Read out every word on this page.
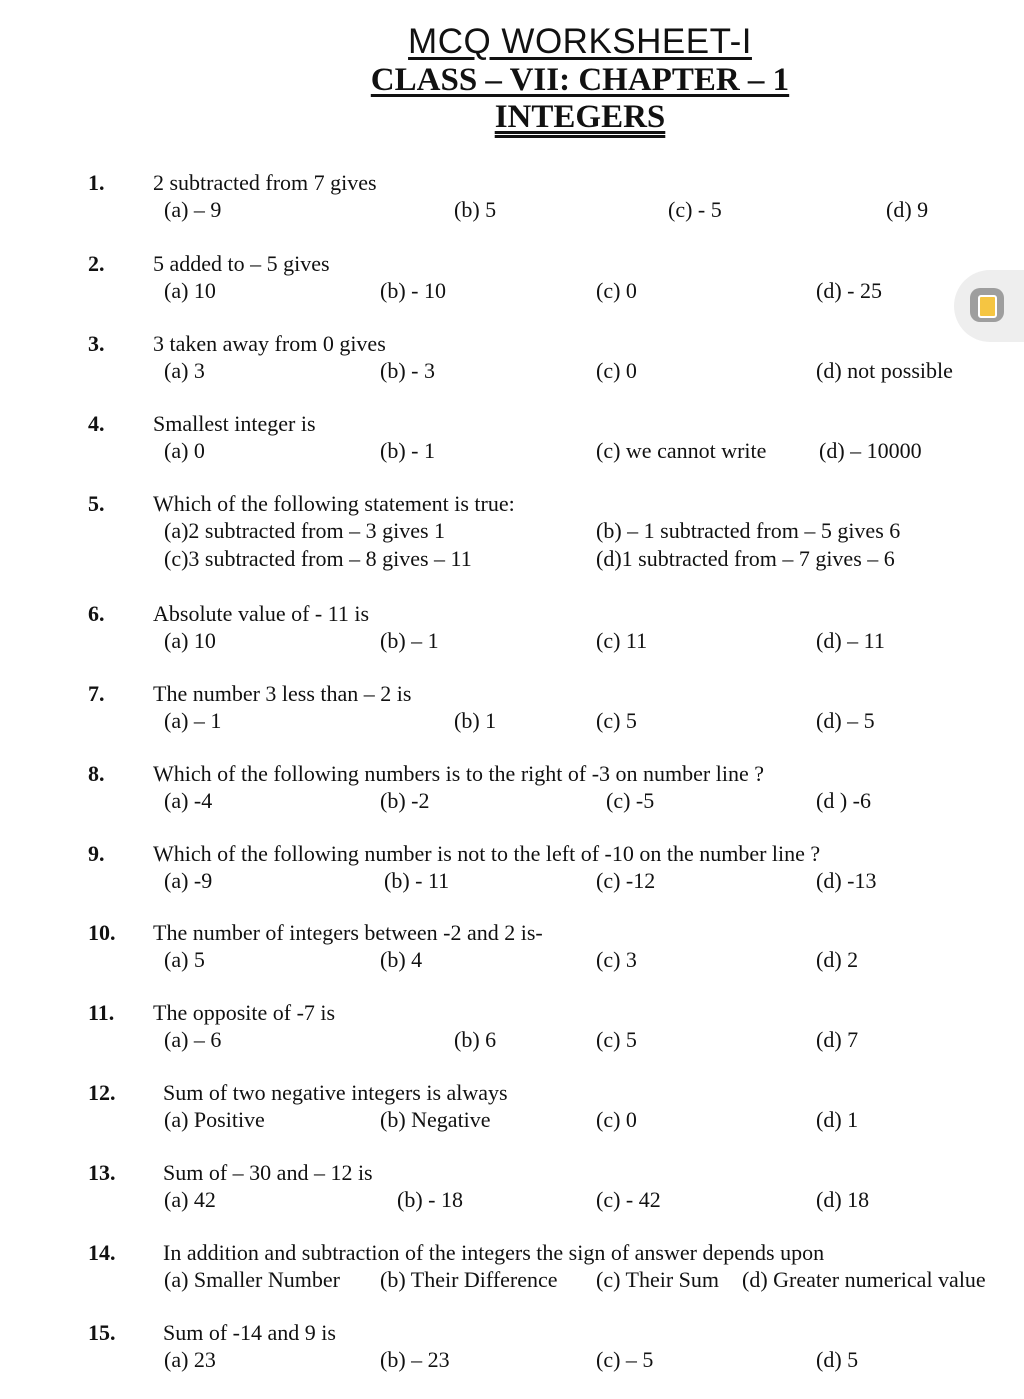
MCQ WORKSHEET-I
CLASS – VII: CHAPTER – 1
INTEGERS
1. 2 subtracted from 7 gives
(a) – 9	(b) 5	(c) - 5	(d) 9
2. 5 added to – 5 gives
(a) 10	(b) - 10	(c) 0	(d) - 25
3. 3 taken away from 0 gives
(a) 3	(b) - 3	(c) 0	(d) not possible
4. Smallest integer is
(a) 0	(b) - 1	(c) we cannot write (d) – 10000
5. Which of the following statement is true:
(a)2 subtracted from – 3 gives 1	(b) – 1 subtracted from – 5 gives 6
(c)3 subtracted from – 8 gives – 11	(d)1 subtracted from – 7 gives – 6
6. Absolute value of - 11 is
(a) 10	(b) – 1	(c) 11	(d) – 11
7. The number 3 less than – 2 is
(a) – 1	(b) 1	(c) 5	(d) – 5
8. Which of the following numbers is to the right of -3 on number line ?
(a) -4	(b) -2	(c) -5	(d ) -6
9. Which of the following number is not to the left of -10 on the number line ?
(a) -9	(b) - 11	(c) -12	(d) -13
10. The number of integers between -2 and 2 is-
(a) 5	(b) 4	(c) 3	(d) 2
11. The opposite of -7 is
(a) – 6	(b) 6	(c) 5	(d) 7
12. Sum of two negative integers is always
(a) Positive	(b) Negative	(c) 0	(d) 1
13. Sum of – 30 and – 12 is
(a) 42	(b) - 18	(c) - 42	(d) 18
14. In addition and subtraction of the integers the sign of answer depends upon
(a) Smaller Number (b) Their Difference (c) Their Sum (d) Greater numerical value
15. Sum of -14 and 9 is
(a) 23	(b) – 23	(c) – 5	(d) 5
